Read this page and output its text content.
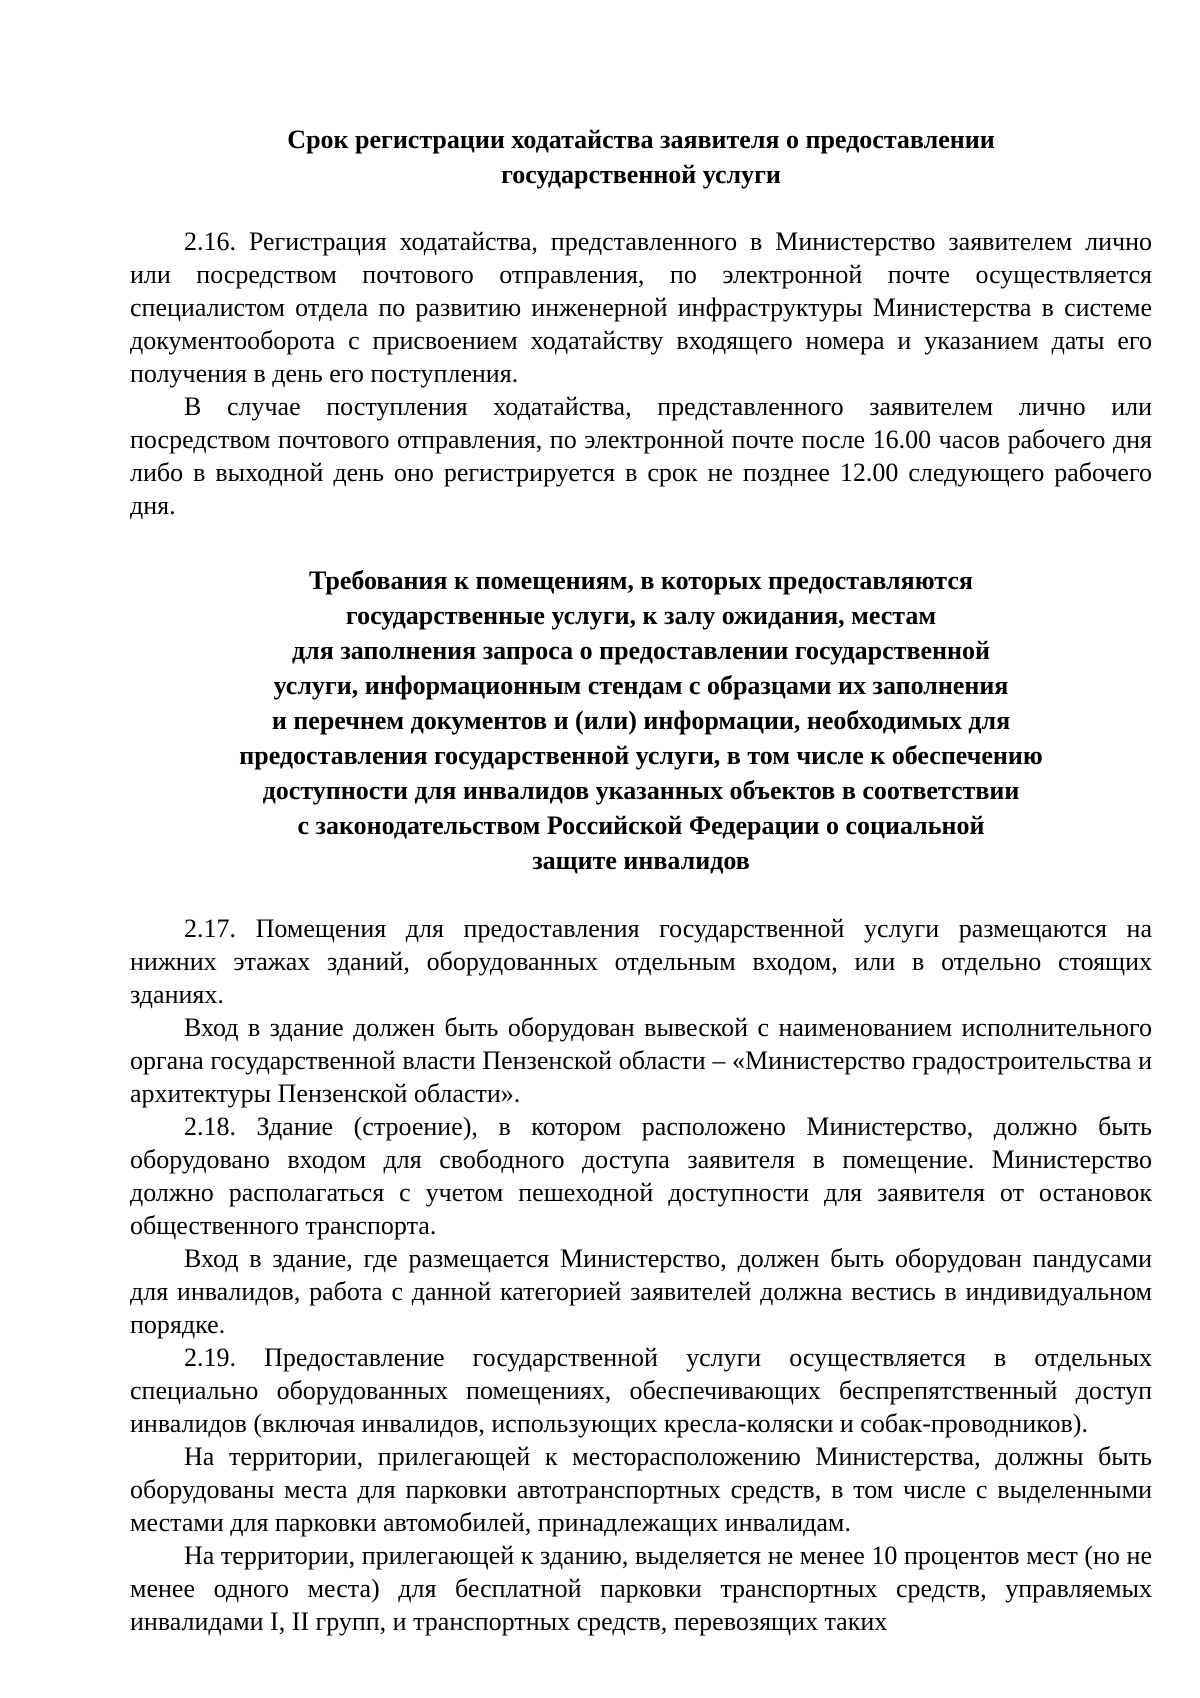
Срок регистрации ходатайства заявителя о предоставлении
государственной услуги

2.16. Регистрация ходатайства, представленного в Министерство заявителем лично или посредством почтового отправления, по электронной почте осуществляется специалистом отдела по развитию инженерной инфраструктуры Министерства в системе документооборота с присвоением ходатайству входящего номера и указанием даты его получения в день его поступления.

В случае поступления ходатайства, представленного заявителем лично или посредством почтового отправления, по электронной почте после 16.00 часов рабочего дня либо в выходной день оно регистрируется в срок не позднее 12.00 следующего рабочего дня.

Требования к помещениям, в которых предоставляются
государственные услуги, к залу ожидания, местам
для заполнения запроса о предоставлении государственной
услуги, информационным стендам с образцами их заполнения
и перечнем документов и (или) информации, необходимых для
предоставления государственной услуги, в том числе к обеспечению
доступности для инвалидов указанных объектов в соответствии
с законодательством Российской Федерации о социальной
защите инвалидов

2.17. Помещения для предоставления государственной услуги размещаются на нижних этажах зданий, оборудованных отдельным входом, или в отдельно стоящих зданиях.

Вход в здание должен быть оборудован вывеской с наименованием исполнительного органа государственной власти Пензенской области – «Министерство градостроительства и архитектуры Пензенской области».

2.18. Здание (строение), в котором расположено Министерство, должно быть оборудовано входом для свободного доступа заявителя в помещение. Министерство должно располагаться с учетом пешеходной доступности для заявителя от остановок общественного транспорта.

Вход в здание, где размещается Министерство, должен быть оборудован пандусами для инвалидов, работа с данной категорией заявителей должна вестись в индивидуальном порядке.

2.19. Предоставление государственной услуги осуществляется в отдельных специально оборудованных помещениях, обеспечивающих беспрепятственный доступ инвалидов (включая инвалидов, использующих кресла-коляски и собак-проводников).

На территории, прилегающей к месторасположению Министерства, должны быть оборудованы места для парковки автотранспортных средств, в том числе с выделенными местами для парковки автомобилей, принадлежащих инвалидам.

На территории, прилегающей к зданию, выделяется не менее 10 процентов мест (но не менее одного места) для бесплатной парковки транспортных средств, управляемых инвалидами I, II групп, и транспортных средств, перевозящих таких
